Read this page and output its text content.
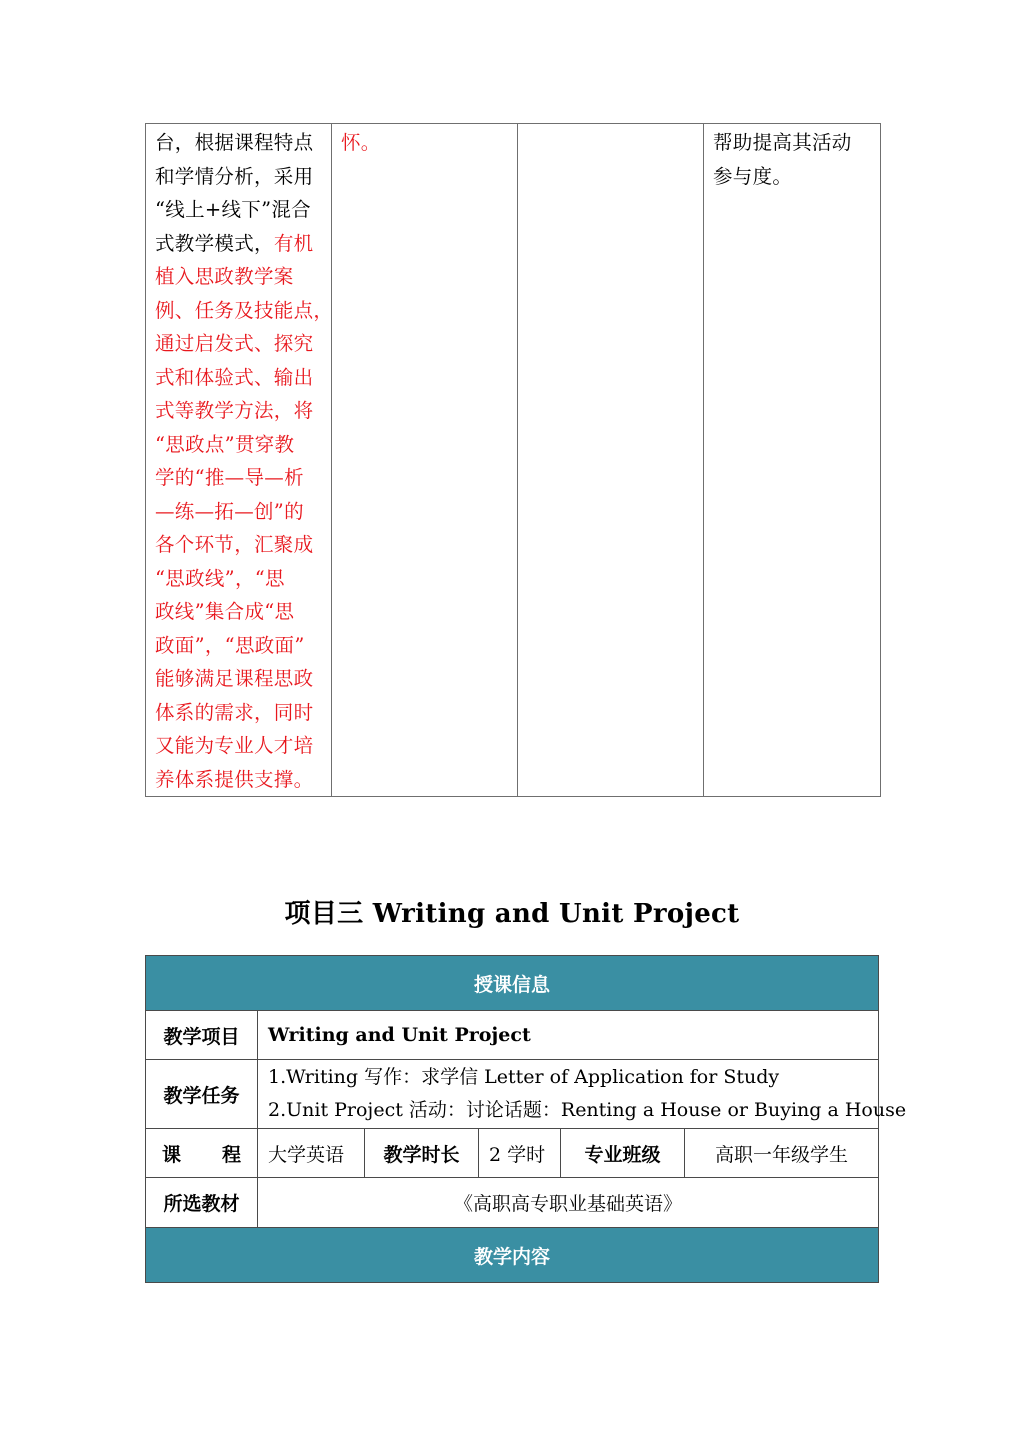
台，根据课程特点
和学情分析，采用
“线上+线下”混合
式教学模式，有机
植入思政教学案
例、任务及技能点，
通过启发式、探究
式和体验式、输出
式等教学方法，将
“思政点”贯穿教
学的“推—导—析
—练—拓—创”的
各个环节，汇聚成
“思政线”，“思
政线”集合成“思
政面”，“思政面”
能够满足课程思政
体系的需求，同时
又能为专业人才培
养体系提供支撑。

怀。		帮助提高其活动
参与度。
项目三 Writing and Unit Project
授课信息					
教学项目	Writing and Unit Project				
教学任务	1.Writing 写作：求学信 Letter of Application for Study
2.Unit Project 活动：讨论话题：Renting a House or Buying a House				

课 程	大学英语	教学时长	2 学时	专业班级	高职一年级学生
所选教材	《高职高专职业基础英语》				
教学内容					
